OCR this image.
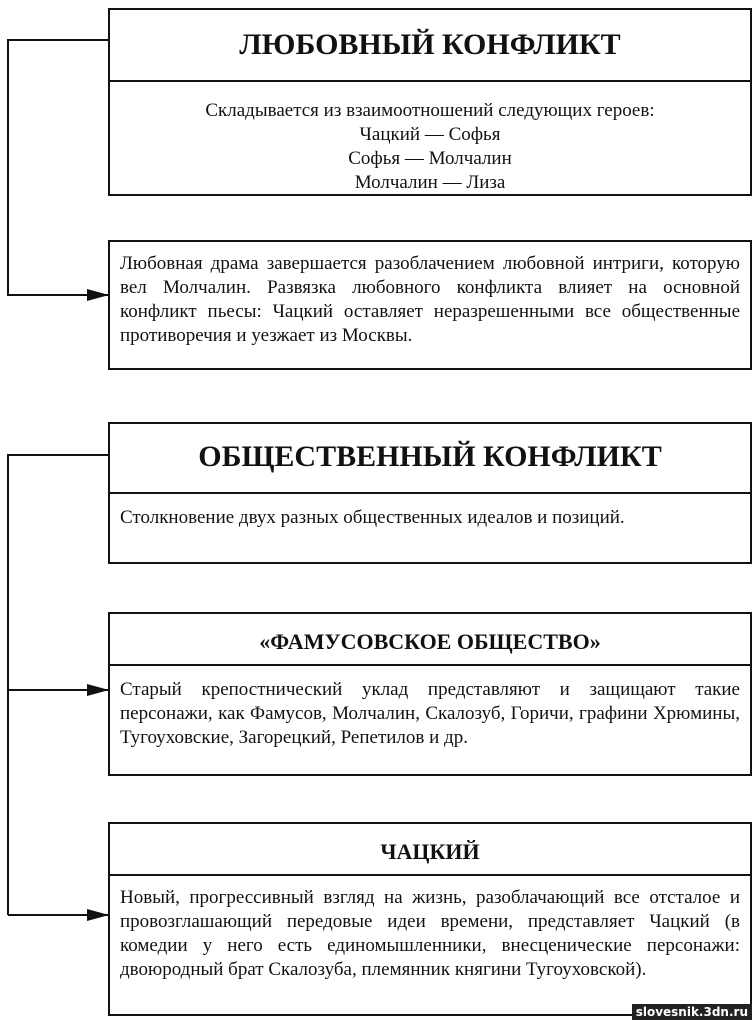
ЛЮБОВНЫЙ КОНФЛИКТ
Складывается из взаимоотношений следующих героев:
Чацкий — Софья
Софья — Молчалин
Молчалин — Лиза
Любовная драма завершается разоблачением любовной интриги, которую вел Молчалин. Развязка любовного конфликта влияет на основной конфликт пьесы: Чацкий оставляет неразрешенными все общественные противоречия и уезжает из Москвы.
ОБЩЕСТВЕННЫЙ КОНФЛИКТ
Столкновение двух разных общественных идеалов и позиций.
«ФАМУСОВСКОЕ ОБЩЕСТВО»
Старый крепостнический уклад представляют и защищают такие персонажи, как Фамусов, Молчалин, Скалозуб, Горичи, графини Хрюмины, Тугоуховские, Загорецкий, Репетилов и др.
ЧАЦКИЙ
Новый, прогрессивный взгляд на жизнь, разоблачающий все отсталое и провозглашающий передовые идеи времени, представляет Чацкий (в комедии у него есть единомышленники, внесценические персонажи: двоюродный брат Скалозуба, племянник княгини Тугоуховской).
slovesnik.3dn.ru
